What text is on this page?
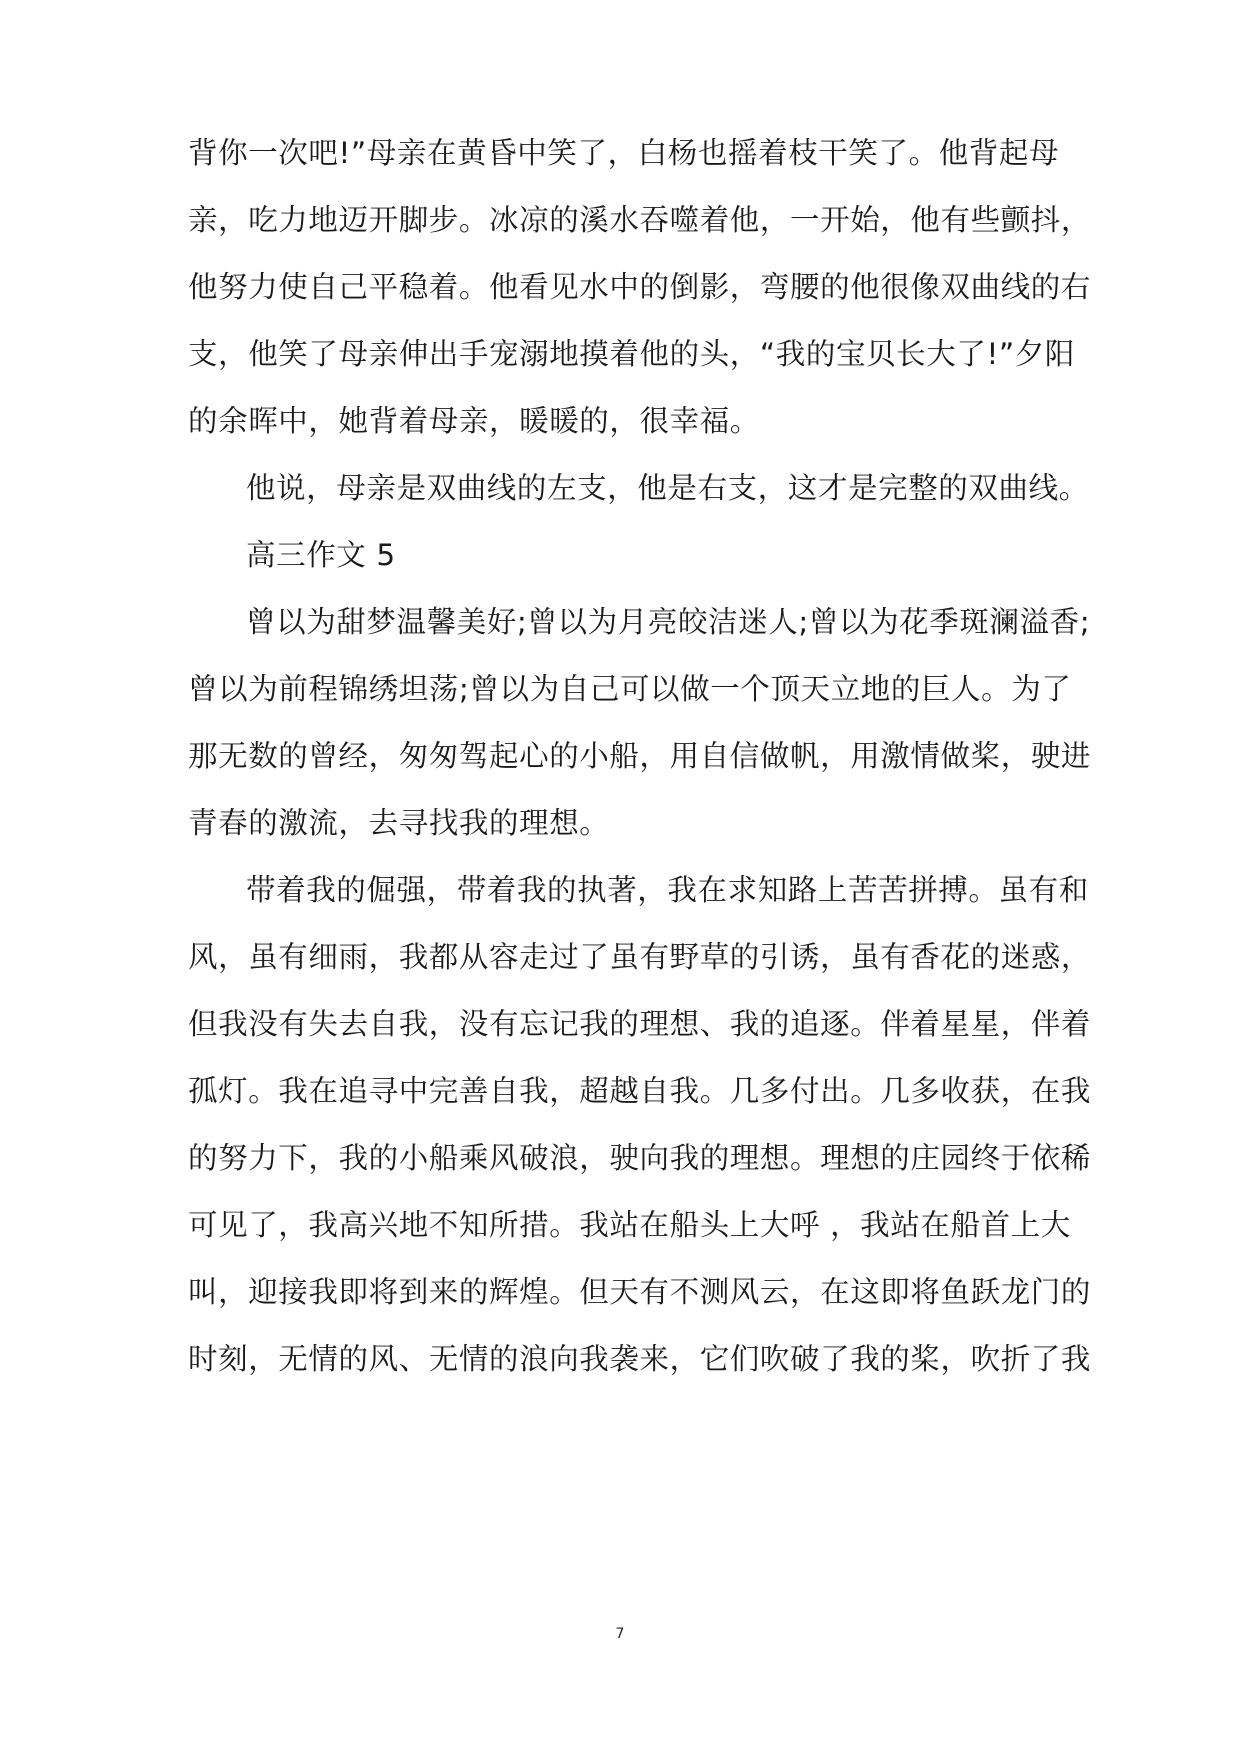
背你一次吧!”母亲在黄昏中笑了，白杨也摇着枝干笑了。他背起母
亲，吃力地迈开脚步。冰凉的溪水吞噬着他，一开始，他有些颤抖，
他努力使自己平稳着。他看见水中的倒影，弯腰的他很像双曲线的右
支，他笑了母亲伸出手宠溺地摸着他的头，“我的宝贝长大了!”夕阳
的余晖中，她背着母亲，暖暖的，很幸福。
他说，母亲是双曲线的左支，他是右支，这才是完整的双曲线。
高三作文 5
曾以为甜梦温馨美好;曾以为月亮皎洁迷人;曾以为花季斑澜溢香;
曾以为前程锦绣坦荡;曾以为自己可以做一个顶天立地的巨人。为了
那无数的曾经，匆匆驾起心的小船，用自信做帆，用激情做桨，驶进
青春的激流，去寻找我的理想。
带着我的倔强，带着我的执著，我在求知路上苦苦拼搏。虽有和
风，虽有细雨，我都从容走过了虽有野草的引诱，虽有香花的迷惑，
但我没有失去自我，没有忘记我的理想、我的追逐。伴着星星，伴着
孤灯。我在追寻中完善自我，超越自我。几多付出。几多收获，在我
的努力下，我的小船乘风破浪，驶向我的理想。理想的庄园终于依稀
可见了，我高兴地不知所措。我站在船头上大呼 ，我站在船首上大
叫，迎接我即将到来的辉煌。但天有不测风云，在这即将鱼跃龙门的
时刻，无情的风、无情的浪向我袭来，它们吹破了我的桨，吹折了我
7
